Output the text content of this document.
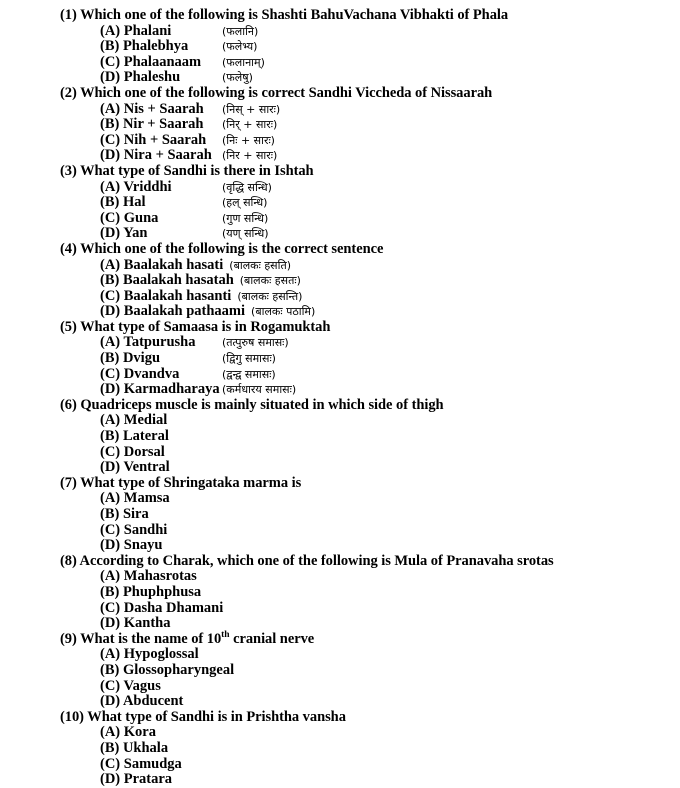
(1) Which one of the following is Shashti BahuVachana Vibhakti of Phala
(A) Phalani	(फलानि)
(B) Phalebhya	(फलेभ्य)
(C) Phalaanaam	(फलानाम्)
(D) Phaleshu	(फलेषु)
(2) Which one of the following is correct Sandhi Viccheda of Nissaarah
(A) Nis + Saarah	(निस् + सारः)
(B) Nir + Saarah	(निर् + सारः)
(C) Nih + Saarah	(निः + सारः)
(D) Nira + Saarah (निर + सारः)
(3) What type of Sandhi is there in Ishtah
(A) Vriddhi	(वृद्धि सन्धि)
(B) Hal	(हल् सन्धि)
(C) Guna	(गुण सन्धि)
(D) Yan	(यण् सन्धि)
(4) Which one of the following is the correct sentence
(A) Baalakah hasati (बालकः हसति)
(B) Baalakah hasatah (बालकः हसतः)
(C) Baalakah hasanti (बालकः हसन्ति)
(D) Baalakah pathaami (बालकः पठामि)
(5) What type of Samaasa is in Rogamuktah
(A) Tatpurusha	(तत्पुरुष समासः)
(B) Dvigu	(द्विगु समासः)
(C) Dvandva	(द्वन्द्व समासः)
(D) Karmadharaya (कर्मधारय समासः)
(6) Quadriceps muscle is mainly situated in which side of thigh
(A) Medial
(B) Lateral
(C) Dorsal
(D) Ventral
(7) What type of Shringataka marma is
(A) Mamsa
(B) Sira
(C) Sandhi
(D) Snayu
(8) According to Charak, which one of the following is Mula of Pranavaha srotas
(A) Mahasrotas
(B) Phuphphusa
(C) Dasha Dhamani
(D) Kantha
(9) What is the name of 10th cranial nerve
(A) Hypoglossal
(B) Glossopharyngeal
(C) Vagus
(D) Abducent
(10) What type of Sandhi is in Prishtha vansha
(A) Kora
(B) Ukhala
(C) Samudga
(D) Pratara
